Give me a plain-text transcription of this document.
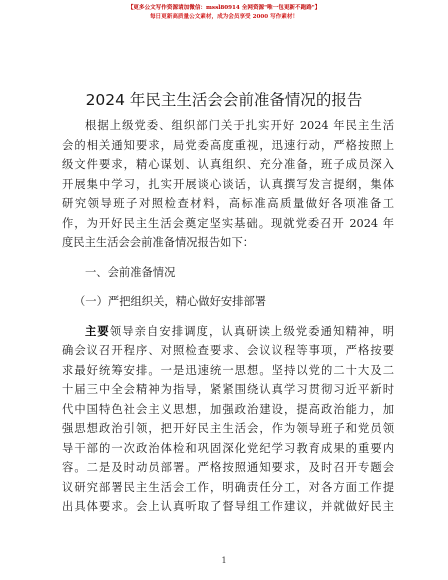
【更多公文写作资源请加微信：mssl80914 全网资源"唯一包更新不跑路"】
每日更新高质量公文素材，成为会员享受 2000 写作素材！
2024 年民主生活会会前准备情况的报告
根据上级党委、组织部门关于扎实开好 2024 年民主生活
会的相关通知要求，局党委高度重视，迅速行动，严格按照上
级文件要求，精心谋划、认真组织、充分准备，班子成员深入
开展集中学习，扎实开展谈心谈话，认真撰写发言提纲，集体
研究领导班子对照检查材料，高标准高质量做好各项准备工
作，为开好民主生活会奠定坚实基础。现就党委召开 2024 年
度民主生活会会前准备情况报告如下：
一、会前准备情况
（一）严把组织关，精心做好安排部署
主要领导亲自安排调度，认真研读上级党委通知精神，明
确会议召开程序、对照检查要求、会议议程等事项，严格按要
求最好统筹安排。一是迅速统一思想。坚持以党的二十大及二
十届三中全会精神为指导，紧紧围绕认真学习贯彻习近平新时
代中国特色社会主义思想，加强政治建设，提高政治能力，加
强思想政治引领，把开好民主生活会，作为领导班子和党员领
导干部的一次政治体检和巩固深化党纪学习教育成果的重要内
容。二是及时动员部署。严格按照通知要求，及时召开专题会
议研究部署民主生活会工作，明确责任分工，对各方面工作提
出具体要求。会上认真听取了督导组工作建议，并就做好民主
1
